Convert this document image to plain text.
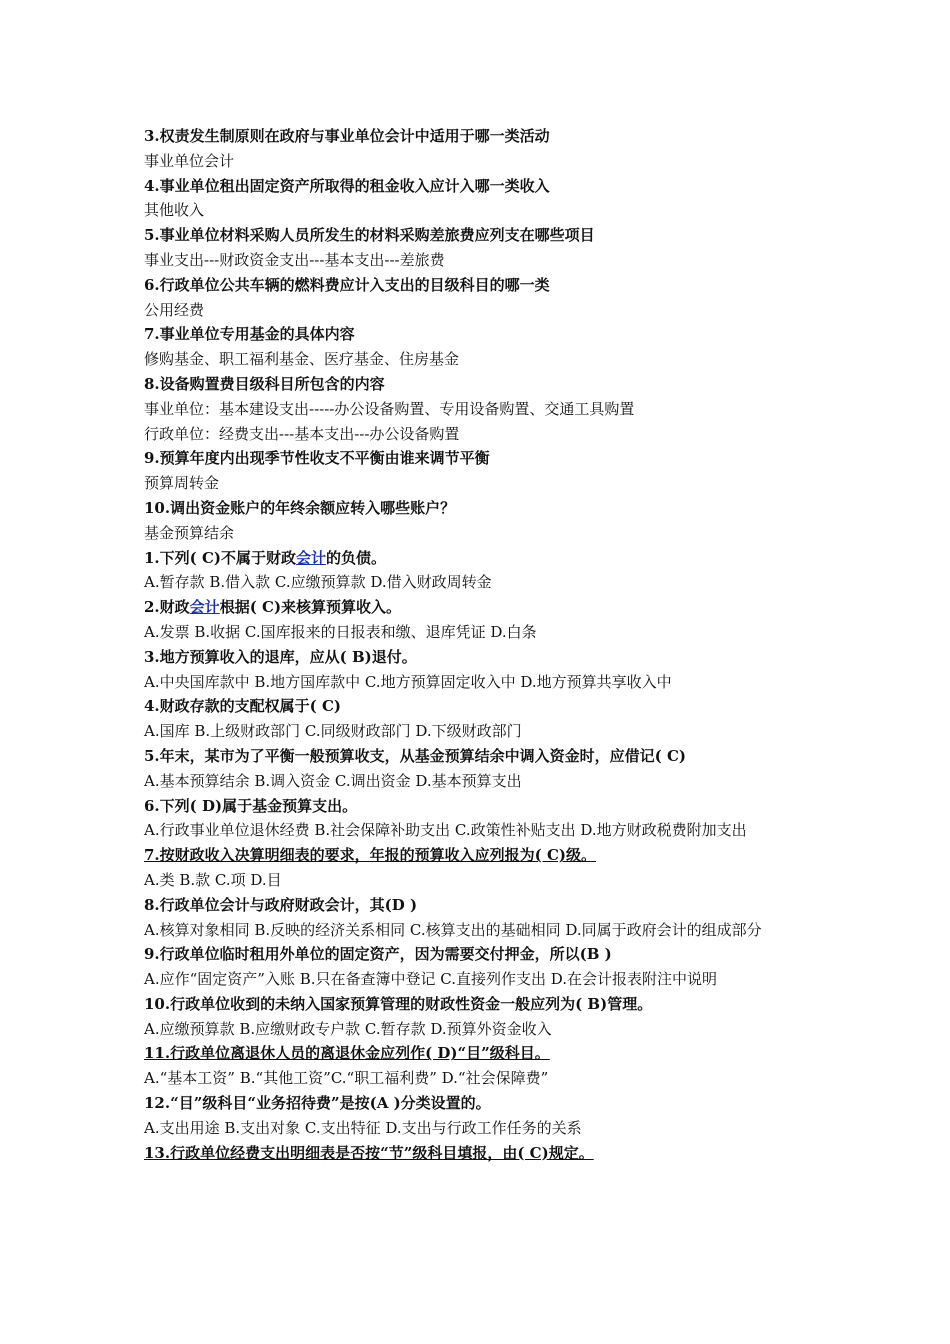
3.权责发生制原则在政府与事业单位会计中适用于哪一类活动
事业单位会计
4.事业单位租出固定资产所取得的租金收入应计入哪一类收入
其他收入
5.事业单位材料采购人员所发生的材料采购差旅费应列支在哪些项目
事业支出---财政资金支出---基本支出---差旅费
6.行政单位公共车辆的燃料费应计入支出的目级科目的哪一类
公用经费
7.事业单位专用基金的具体内容
修购基金、职工福利基金、医疗基金、住房基金
8.设备购置费目级科目所包含的内容
事业单位：基本建设支出-----办公设备购置、专用设备购置、交通工具购置
行政单位：经费支出---基本支出---办公设备购置
9.预算年度内出现季节性收支不平衡由谁来调节平衡
预算周转金
10.调出资金账户的年终余额应转入哪些账户？
基金预算结余
1.下列( C)不属于财政会计的负债。
A.暂存款 B.借入款 C.应缴预算款 D.借入财政周转金
2.财政会计根据( C)来核算预算收入。
A.发票 B.收据 C.国库报来的日报表和缴、退库凭证 D.白条
3.地方预算收入的退库，应从( B)退付。
A.中央国库款中 B.地方国库款中 C.地方预算固定收入中 D.地方预算共享收入中
4.财政存款的支配权属于( C)
A.国库 B.上级财政部门 C.同级财政部门 D.下级财政部门
5.年末，某市为了平衡一般预算收支，从基金预算结余中调入资金时，应借记( C)
A.基本预算结余 B.调入资金 C.调出资金 D.基本预算支出
6.下列( D)属于基金预算支出。
A.行政事业单位退休经费 B.社会保障补助支出 C.政策性补贴支出 D.地方财政税费附加支出
7.按财政收入决算明细表的要求，年报的预算收入应列报为( C)级。
A.类 B.款 C.项 D.目
8.行政单位会计与政府财政会计，其(D )
A.核算对象相同 B.反映的经济关系相同 C.核算支出的基础相同 D.同属于政府会计的组成部分
9.行政单位临时租用外单位的固定资产，因为需要交付押金，所以(B )
A.应作“固定资产”入账 B.只在备查簿中登记 C.直接列作支出 D.在会计报表附注中说明
10.行政单位收到的未纳入国家预算管理的财政性资金一般应列为( B)管理。
A.应缴预算款 B.应缴财政专户款 C.暂存款 D.预算外资金收入
11.行政单位离退休人员的离退休金应列作( D)“目”级科目。
A.“基本工资” B.“其他工资”C.“职工福利费” D.“社会保障费”
12.“目”级科目“业务招待费”是按(A )分类设置的。
A.支出用途 B.支出对象 C.支出特征 D.支出与行政工作任务的关系
13.行政单位经费支出明细表是否按“节”级科目填报，由( C)规定。
